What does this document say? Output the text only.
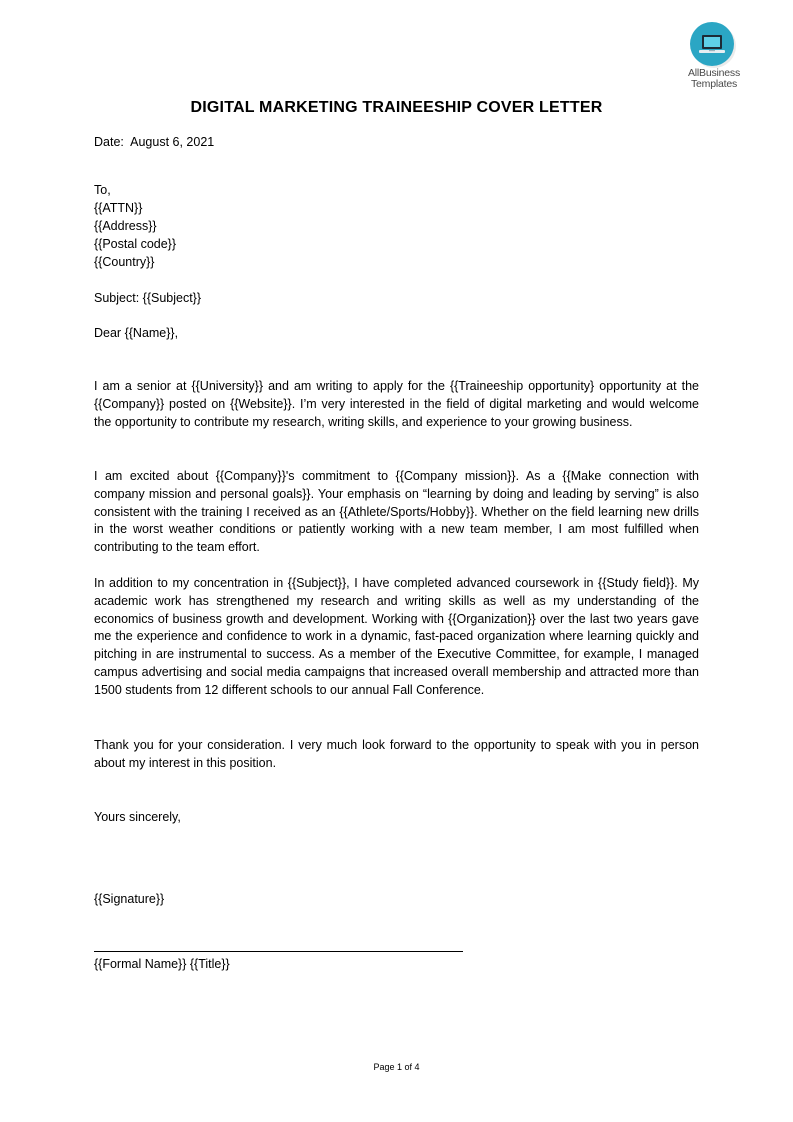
AllBusiness
Templates
DIGITAL MARKETING TRAINEESHIP COVER LETTER
Date:  August 6, 2021
To,
{{ATTN}}
{{Address}}
{{Postal code}}
{{Country}}
Subject: {{Subject}}
Dear {{Name}},
I am a senior at {{University}} and am writing to apply for the {{Traineeship opportunity} opportunity at the {{Company}} posted on {{Website}}. I’m very interested in the field of digital marketing and would welcome the opportunity to contribute my research, writing skills, and experience to your growing business.
I am excited about {{Company}}'s commitment to {{Company mission}}. As a {{Make connection with company mission and personal goals}}. Your emphasis on “learning by doing and leading by serving” is also consistent with the training I received as an {{Athlete/Sports/Hobby}}. Whether on the field learning new drills in the worst weather conditions or patiently working with a new team member, I am most fulfilled when contributing to the team effort.
In addition to my concentration in {{Subject}}, I have completed advanced coursework in {{Study field}}. My academic work has strengthened my research and writing skills as well as my understanding of the economics of business growth and development. Working with {{Organization}} over the last two years gave me the experience and confidence to work in a dynamic, fast-paced organization where learning quickly and pitching in are instrumental to success. As a member of the Executive Committee, for example, I managed campus advertising and social media campaigns that increased overall membership and attracted more than 1500 students from 12 different schools to our annual Fall Conference.
Thank you for your consideration. I very much look forward to the opportunity to speak with you in person about my interest in this position.
Yours sincerely,
{{Signature}}
{{Formal Name}} {{Title}}
Page 1 of 4
